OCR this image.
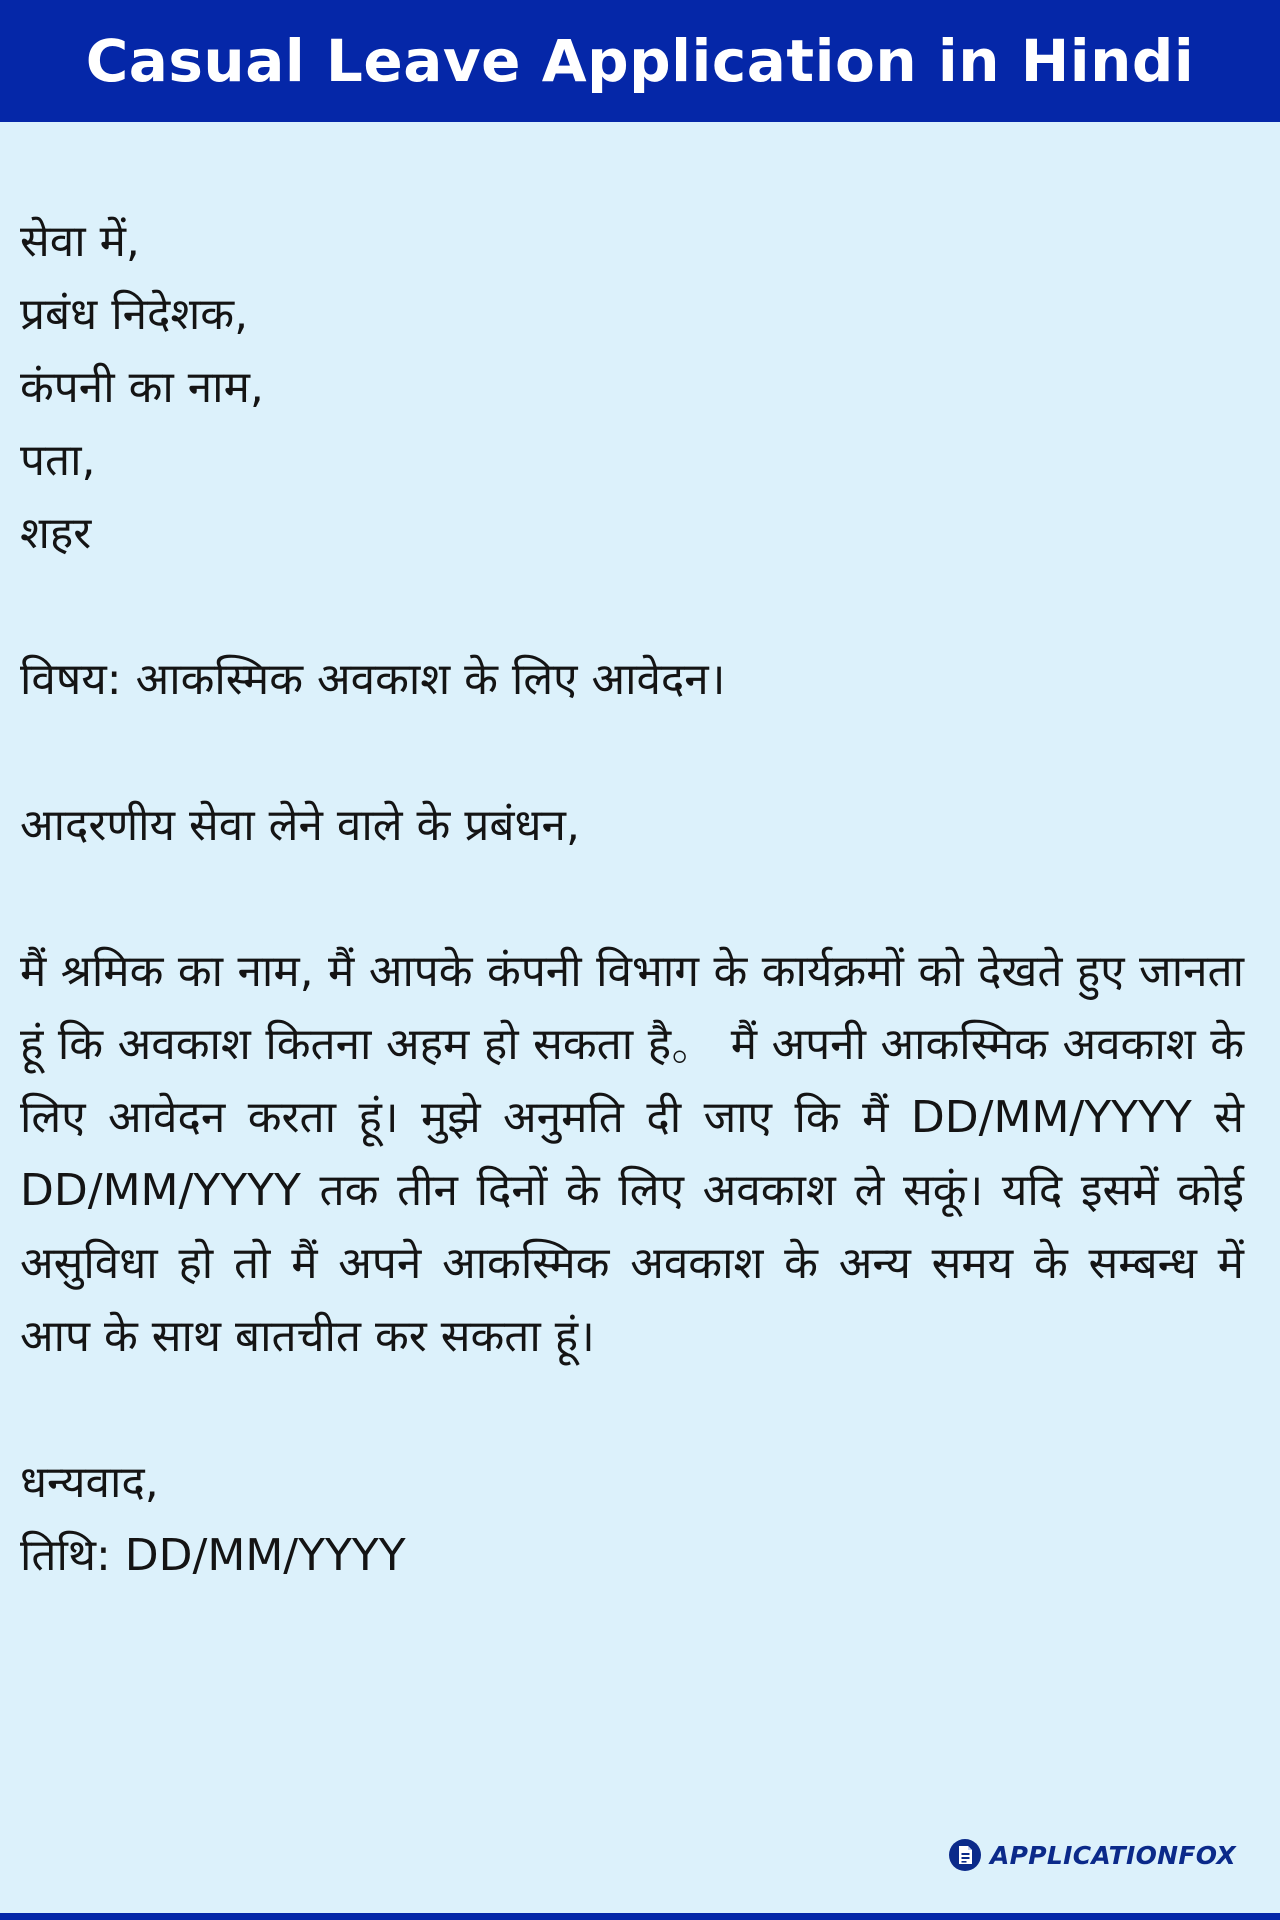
Casual Leave Application in Hindi
सेवा में,
प्रबंध निदेशक,
कंपनी का नाम,
पता,
शहर
विषय: आकस्मिक अवकाश के लिए आवेदन।
आदरणीय सेवा लेने वाले के प्रबंधन,

मैं श्रमिक का नाम, मैं आपके कंपनी विभाग के कार्यक्रमों को देखते हुए जानता हूं कि अवकाश कितना अहम हो सकता है。 मैं अपनी आकस्मिक अवकाश के लिए आवेदन करता हूं। मुझे अनुमति दी जाए कि मैं DD/MM/YYYY से DD/MM/YYYY तक तीन दिनों के लिए अवकाश ले सकूं। यदि इसमें कोई असुविधा हो तो मैं अपने आकस्मिक अवकाश के अन्य समय के सम्बन्ध में आप के साथ बातचीत कर सकता हूं।

धन्यवाद,
तिथि: DD/MM/YYYY
APPLICATIONFOX
